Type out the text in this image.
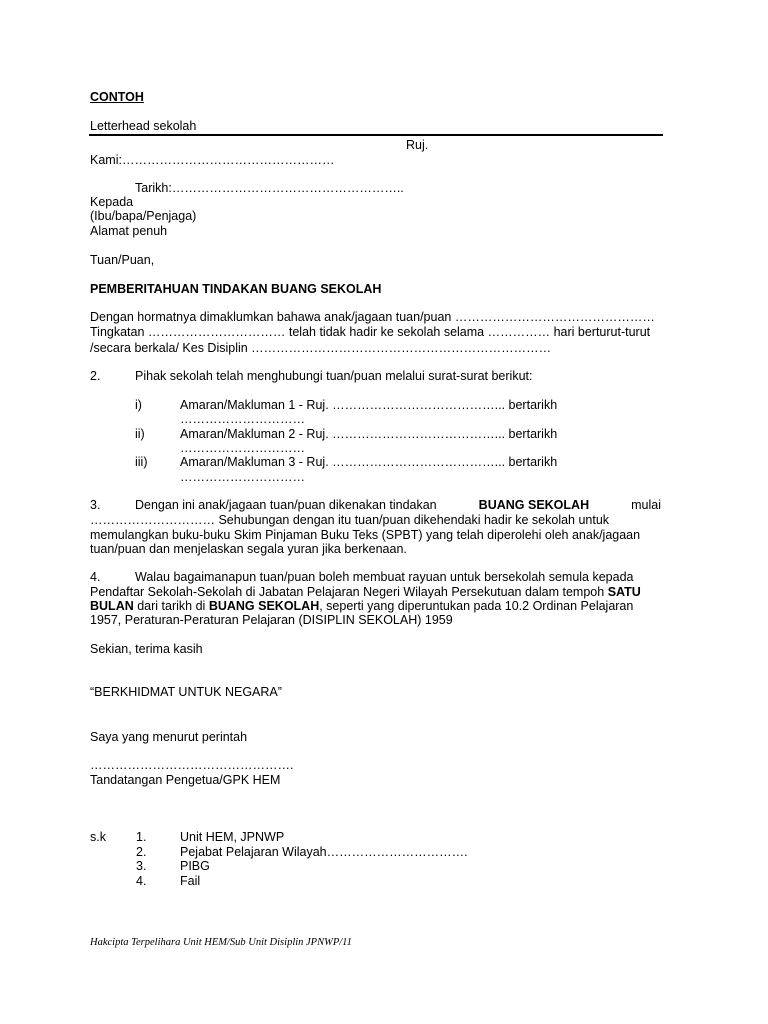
CONTOH
Letterhead sekolah
Ruj.
Kami:……………………………………………
Tarikh:………………………………………………..
Kepada
(Ibu/bapa/Penjaga)
Alamat penuh
Tuan/Puan,
PEMBERITAHUAN TINDAKAN BUANG SEKOLAH
Dengan hormatnya dimaklumkan bahawa anak/jagaan tuan/puan …………………………………………
Tingkatan …………………………… telah tidak hadir ke sekolah selama …………… hari berturut-turut
/secara berkala/ Kes Disiplin ………………………………………………………………
2.	Pihak sekolah telah menghubungi tuan/puan melalui surat-surat berikut:
i)	Amaran/Makluman 1 - Ruj. …………………………………... bertarikh
…………………………
ii)	Amaran/Makluman 2 - Ruj. …………………………………... bertarikh
…………………………
iii)	Amaran/Makluman 3 - Ruj. …………………………………... bertarikh
…………………………
3.	Dengan ini anak/jagaan tuan/puan dikenakan tindakan	BUANG SEKOLAH	mulai
………………………… Sehubungan dengan itu tuan/puan dikehendaki hadir ke sekolah untuk
memulangkan buku-buku Skim Pinjaman Buku Teks (SPBT) yang telah diperolehi oleh anak/jagaan
tuan/puan dan menjelaskan segala yuran jika berkenaan.
4.	Walau bagaimanapun tuan/puan boleh membuat rayuan untuk bersekolah semula kepada
Pendaftar Sekolah-Sekolah di Jabatan Pelajaran Negeri Wilayah Persekutuan dalam tempoh SATU
BULAN dari tarikh di BUANG SEKOLAH, seperti yang diperuntukan pada 10.2 Ordinan Pelajaran
1957, Peraturan-Peraturan Pelajaran (DISIPLIN SEKOLAH) 1959
Sekian, terima kasih
“BERKHIDMAT UNTUK NEGARA”
Saya yang menurut perintah
………………………………………….
Tandatangan Pengetua/GPK HEM
s.k 1.	Unit HEM, JPNWP
2.	Pejabat Pelajaran Wilayah…………………………….
3.	PIBG
4.	Fail
Hakcipta Terpelihara Unit HEM/Sub Unit Disiplin JPNWP/11
